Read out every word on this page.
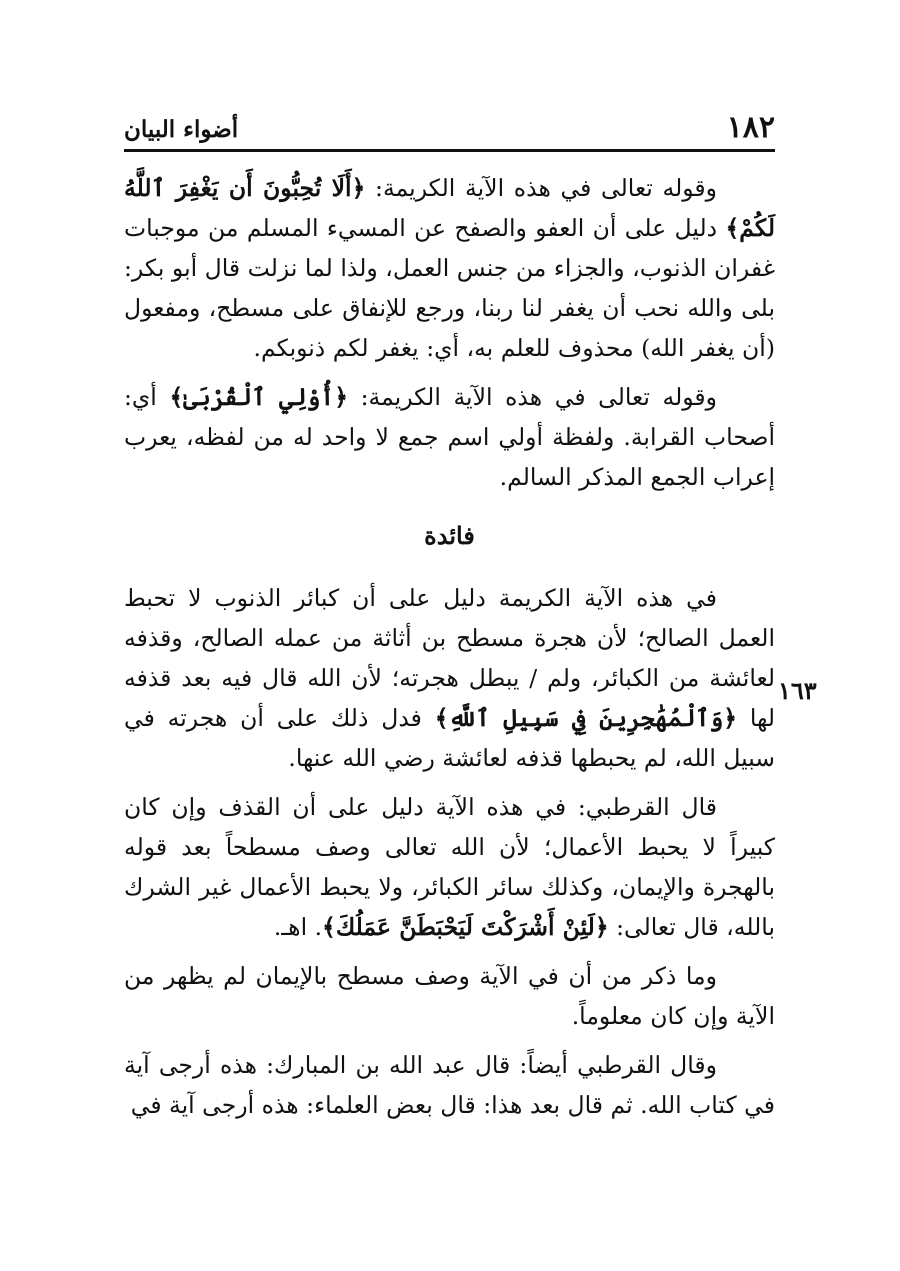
١٨٢
أضواء البيان
١٦٣

وقوله تعالى في هذه الآية الكريمة: ﴿أَلَا تُحِبُّونَ أَن يَغْفِرَ ٱللَّهُ لَكُمْ﴾ دليل على أن العفو والصفح عن المسيء المسلم من موجبات غفران الذنوب، والجزاء من جنس العمل، ولذا لما نزلت قال أبو بكر: بلى والله نحب أن يغفر لنا ربنا، ورجع للإنفاق على مسطح، ومفعول (أن يغفر الله) محذوف للعلم به، أي: يغفر لكم ذنوبكم.

وقوله تعالى في هذه الآية الكريمة: ﴿أُوْلِي ٱلْقُرْبَىٰ﴾ أي: أصحاب القرابة. ولفظة أولي اسم جمع لا واحد له من لفظه، يعرب إعراب الجمع المذكر السالم.

فائدة

في هذه الآية الكريمة دليل على أن كبائر الذنوب لا تحبط العمل الصالح؛ لأن هجرة مسطح بن أثاثة من عمله الصالح، وقذفه لعائشة من الكبائر، ولم / يبطل هجرته؛ لأن الله قال فيه بعد قذفه لها ﴿وَٱلْمُهَٰجِرِينَ فِي سَبِيلِ ٱللَّهِ﴾ فدل ذلك على أن هجرته في سبيل الله، لم يحبطها قذفه لعائشة رضي الله عنها.

قال القرطبي: في هذه الآية دليل على أن القذف وإن كان كبيراً لا يحبط الأعمال؛ لأن الله تعالى وصف مسطحاً بعد قوله بالهجرة والإيمان، وكذلك سائر الكبائر، ولا يحبط الأعمال غير الشرك بالله، قال تعالى: ﴿لَئِنْ أَشْرَكْتَ لَيَحْبَطَنَّ عَمَلُكَ﴾. اهـ.

وما ذكر من أن في الآية وصف مسطح بالإيمان لم يظهر من الآية وإن كان معلوماً.

وقال القرطبي أيضاً: قال عبد الله بن المبارك: هذه أرجى آية في كتاب الله. ثم قال بعد هذا: قال بعض العلماء: هذه أرجى آية في
